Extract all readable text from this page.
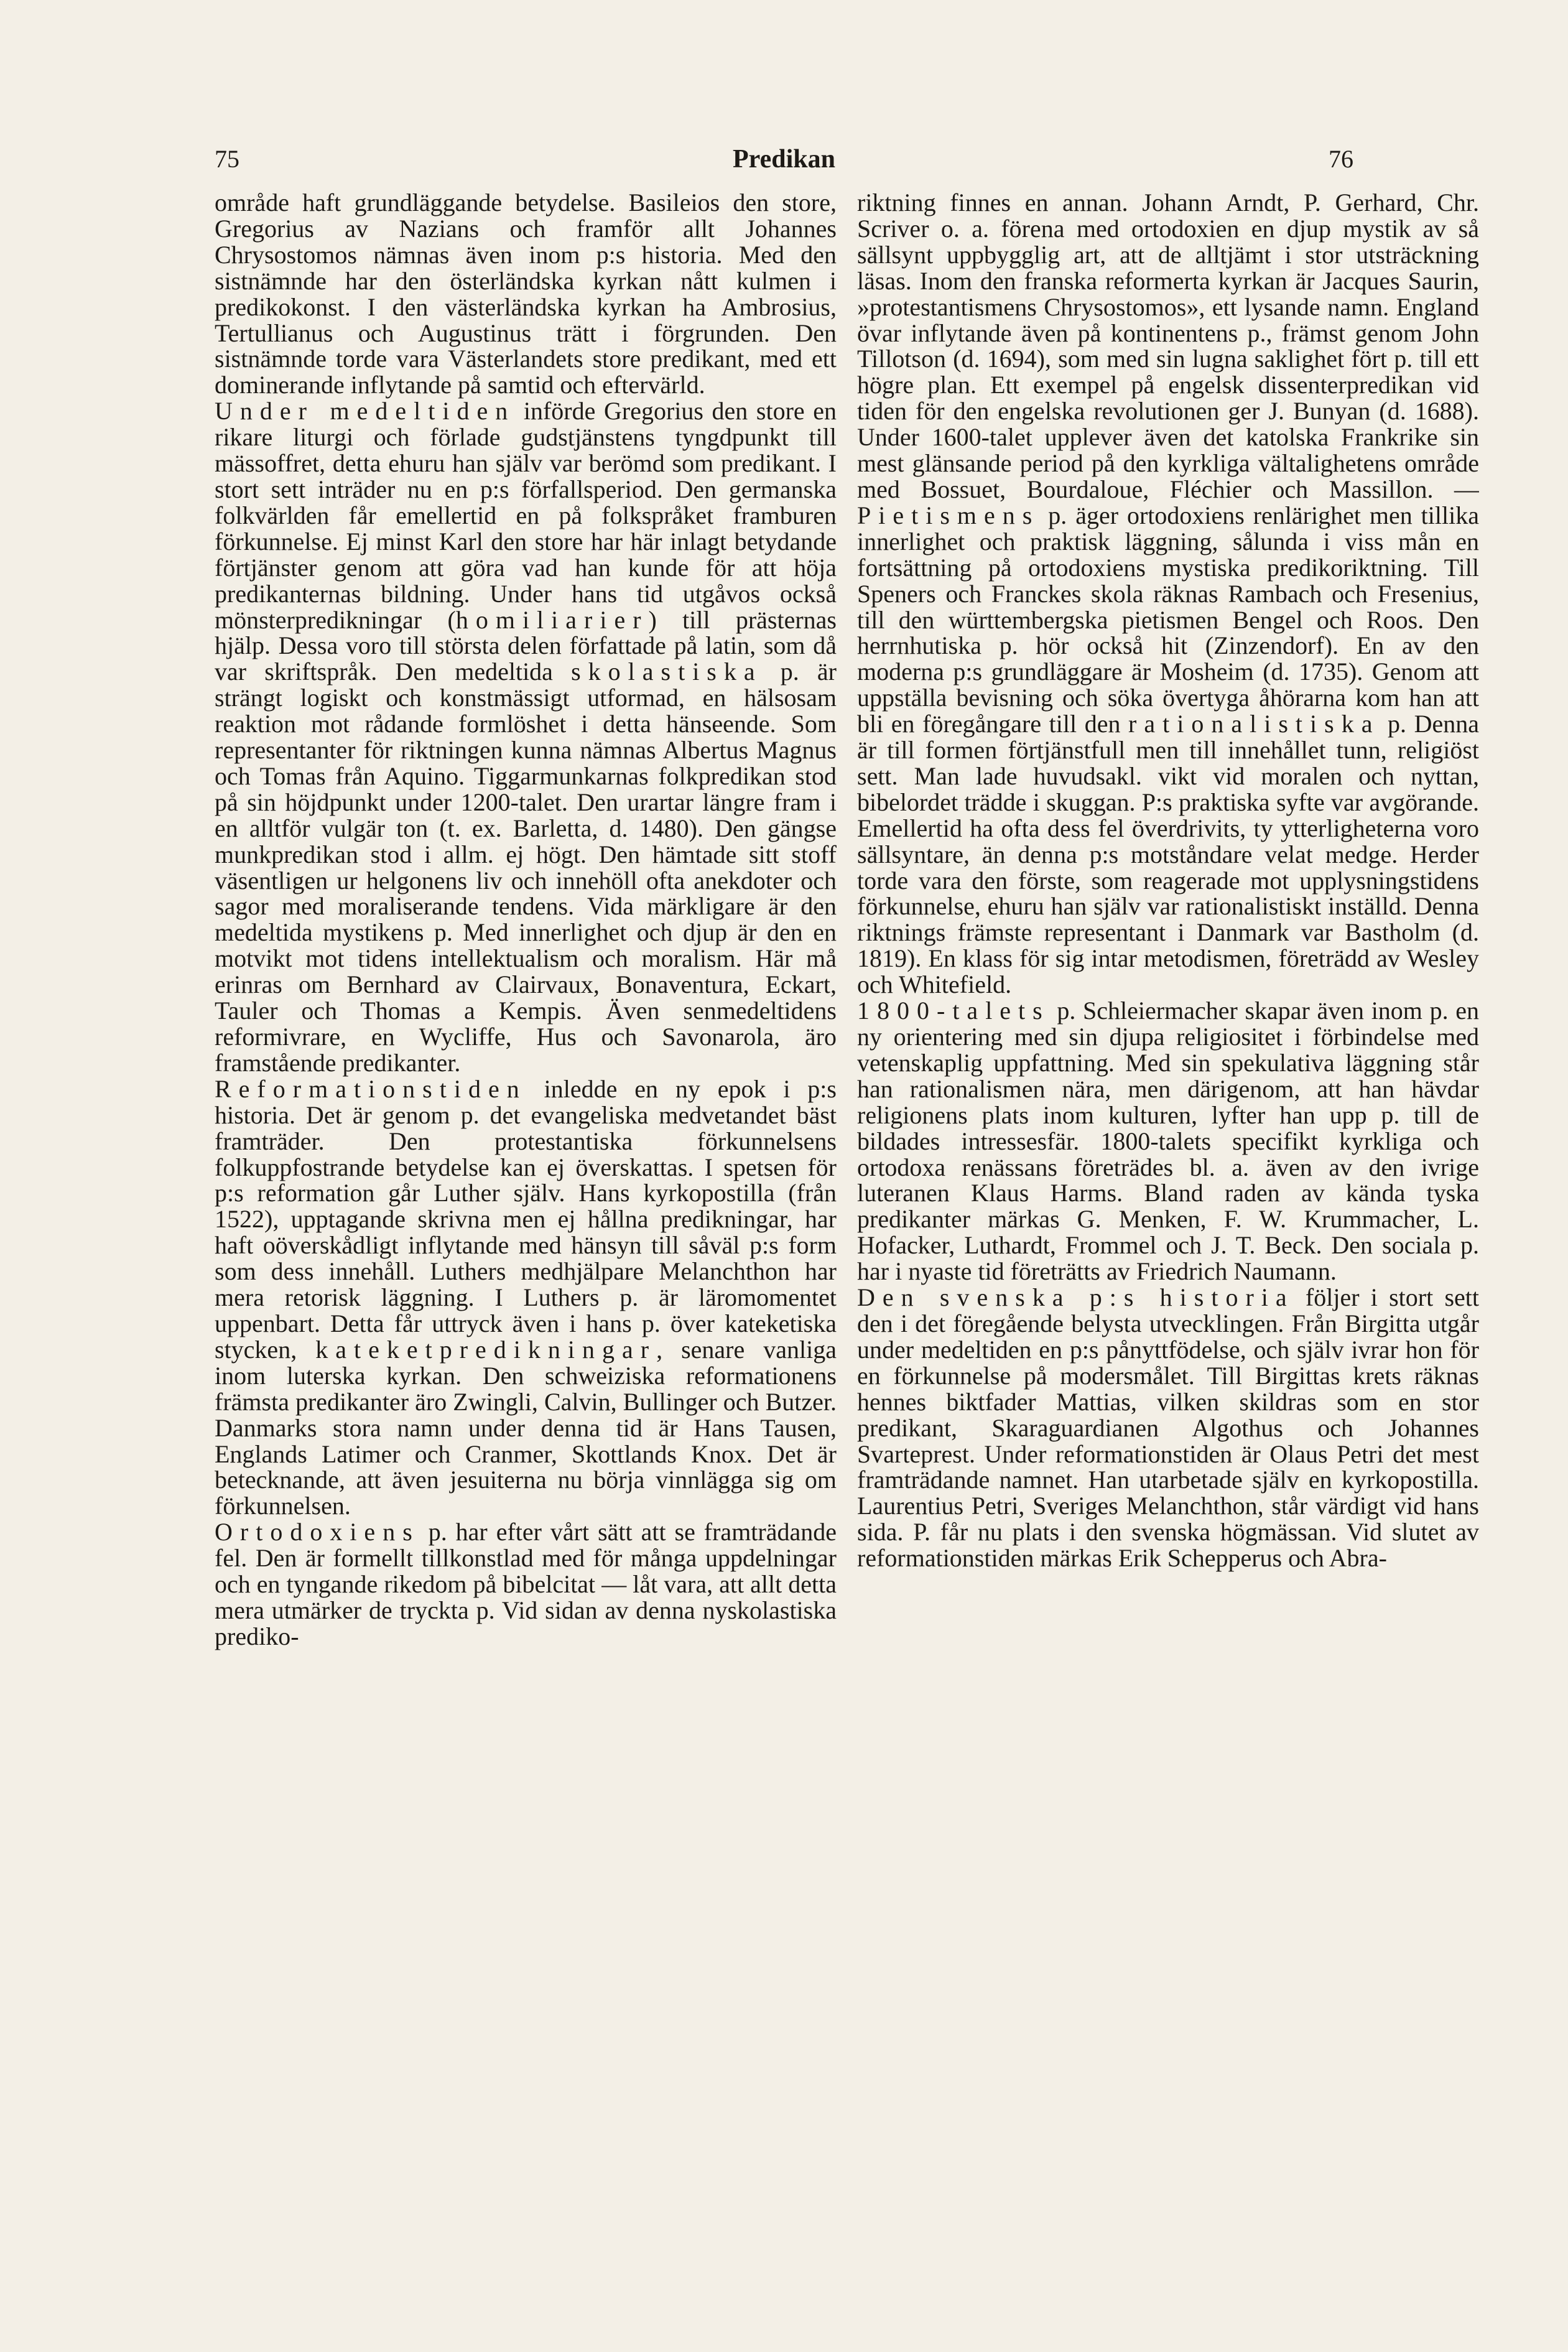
75	Predikan	76

område haft grundläggande betydelse. Basileios den store, Gregorius av Nazians och framför allt Johannes Chrysostomos nämnas även inom p:s historia. Med den sistnämnde har den österländska kyrkan nått kulmen i predikokonst. I den västerländska kyrkan ha Ambrosius, Tertullianus och Augustinus trätt i förgrunden. Den sistnämnde torde vara Västerlandets store predikant, med ett dominerande inflytande på samtid och eftervärld.

Under medeltiden införde Gregorius den store en rikare liturgi och förlade gudstjänstens tyngdpunkt till mässoffret, detta ehuru han själv var berömd som predikant. I stort sett inträder nu en p:s förfallsperiod. Den germanska folkvärlden får emellertid en på folkspråket framburen förkunnelse. Ej minst Karl den store har här inlagt betydande förtjänster genom att göra vad han kunde för att höja predikanternas bildning. Under hans tid utgåvos också mönsterpredikningar (homiliarier) till prästernas hjälp. Dessa voro till största delen författade på latin, som då var skriftspråk. Den medeltida skolastiska p. är strängt logiskt och konstmässigt utformad, en hälsosam reaktion mot rådande formlöshet i detta hänseende. Som representanter för riktningen kunna nämnas Albertus Magnus och Tomas från Aquino. Tiggarmunkarnas folkpredikan stod på sin höjdpunkt under 1200-talet. Den urartar längre fram i en alltför vulgär ton (t. ex. Barletta, d. 1480). Den gängse munkpredikan stod i allm. ej högt. Den hämtade sitt stoff väsentligen ur helgonens liv och innehöll ofta anekdoter och sagor med moraliserande tendens. Vida märkligare är den medeltida mystikens p. Med innerlighet och djup är den en motvikt mot tidens intellektualism och moralism. Här må erinras om Bernhard av Clairvaux, Bonaventura, Eckart, Tauler och Thomas a Kempis. Även senmedeltidens reformivrare, en Wycliffe, Hus och Savonarola, äro framstående predikanter.

Reformationstiden inledde en ny epok i p:s historia. Det är genom p. det evangeliska medvetandet bäst framträder. Den protestantiska förkunnelsens folkuppfostrande betydelse kan ej överskattas. I spetsen för p:s reformation går Luther själv. Hans kyrkopostilla (från 1522), upptagande skrivna men ej hållna predikningar, har haft oöverskådligt inflytande med hänsyn till såväl p:s form som dess innehåll. Luthers medhjälpare Melanchthon har mera retorisk läggning. I Luthers p. är läromomentet uppenbart. Detta får uttryck även i hans p. över kateketiska stycken, kateketpredikningar, senare vanliga inom luterska kyrkan. Den schweiziska reformationens främsta predikanter äro Zwingli, Calvin, Bullinger och Butzer. Danmarks stora namn under denna tid är Hans Tausen, Englands Latimer och Cranmer, Skottlands Knox. Det är betecknande, att även jesuiterna nu börja vinnlägga sig om förkunnelsen.

Ortodoxiens p. har efter vårt sätt att se framträdande fel. Den är formellt tillkonstlad med för många uppdelningar och en tyngande rikedom på bibelcitat — låt vara, att allt detta mera utmärker de tryckta p. Vid sidan av denna nyskolastiska prediko-

riktning finnes en annan. Johann Arndt, P. Gerhard, Chr. Scriver o. a. förena med ortodoxien en djup mystik av så sällsynt uppbygglig art, att de alltjämt i stor utsträckning läsas. Inom den franska reformerta kyrkan är Jacques Saurin, »protestantismens Chrysostomos», ett lysande namn. England övar inflytande även på kontinentens p., främst genom John Tillotson (d. 1694), som med sin lugna saklighet fört p. till ett högre plan. Ett exempel på engelsk dissenterpredikan vid tiden för den engelska revolutionen ger J. Bunyan (d. 1688). Under 1600-talet upplever även det katolska Frankrike sin mest glänsande period på den kyrkliga vältalighetens område med Bossuet, Bourdaloue, Fléchier och Massillon. — Pietismens p. äger ortodoxiens renlärighet men tillika innerlighet och praktisk läggning, sålunda i viss mån en fortsättning på ortodoxiens mystiska predikoriktning. Till Speners och Franckes skola räknas Rambach och Fresenius, till den württembergska pietismen Bengel och Roos. Den herrnhutiska p. hör också hit (Zinzendorf). En av den moderna p:s grundläggare är Mosheim (d. 1735). Genom att uppställa bevisning och söka övertyga åhörarna kom han att bli en föregångare till den rationalistiska p. Denna är till formen förtjänstfull men till innehållet tunn, religiöst sett. Man lade huvudsakl. vikt vid moralen och nyttan, bibelordet trädde i skuggan. P:s praktiska syfte var avgörande. Emellertid ha ofta dess fel överdrivits, ty ytterligheterna voro sällsyntare, än denna p:s motståndare velat medge. Herder torde vara den förste, som reagerade mot upplysningstidens förkunnelse, ehuru han själv var rationalistiskt inställd. Denna riktnings främste representant i Danmark var Bastholm (d. 1819). En klass för sig intar metodismen, företrädd av Wesley och Whitefield.

1800-talets p. Schleiermacher skapar även inom p. en ny orientering med sin djupa religiositet i förbindelse med vetenskaplig uppfattning. Med sin spekulativa läggning står han rationalismen nära, men därigenom, att han hävdar religionens plats inom kulturen, lyfter han upp p. till de bildades intressesfär. 1800-talets specifikt kyrkliga och ortodoxa renässans företrädes bl. a. även av den ivrige luteranen Klaus Harms. Bland raden av kända tyska predikanter märkas G. Menken, F. W. Krummacher, L. Hofacker, Luthardt, Frommel och J. T. Beck. Den sociala p. har i nyaste tid företrätts av Friedrich Naumann.

Den svenska p:s historia följer i stort sett den i det föregående belysta utvecklingen. Från Birgitta utgår under medeltiden en p:s pånyttfödelse, och själv ivrar hon för en förkunnelse på modersmålet. Till Birgittas krets räknas hennes biktfader Mattias, vilken skildras som en stor predikant, Skaraguardianen Algothus och Johannes Svarteprest. Under reformationstiden är Olaus Petri det mest framträdande namnet. Han utarbetade själv en kyrkopostilla. Laurentius Petri, Sveriges Melanchthon, står värdigt vid hans sida. P. får nu plats i den svenska högmässan. Vid slutet av reformationstiden märkas Erik Schepperus och Abra-
